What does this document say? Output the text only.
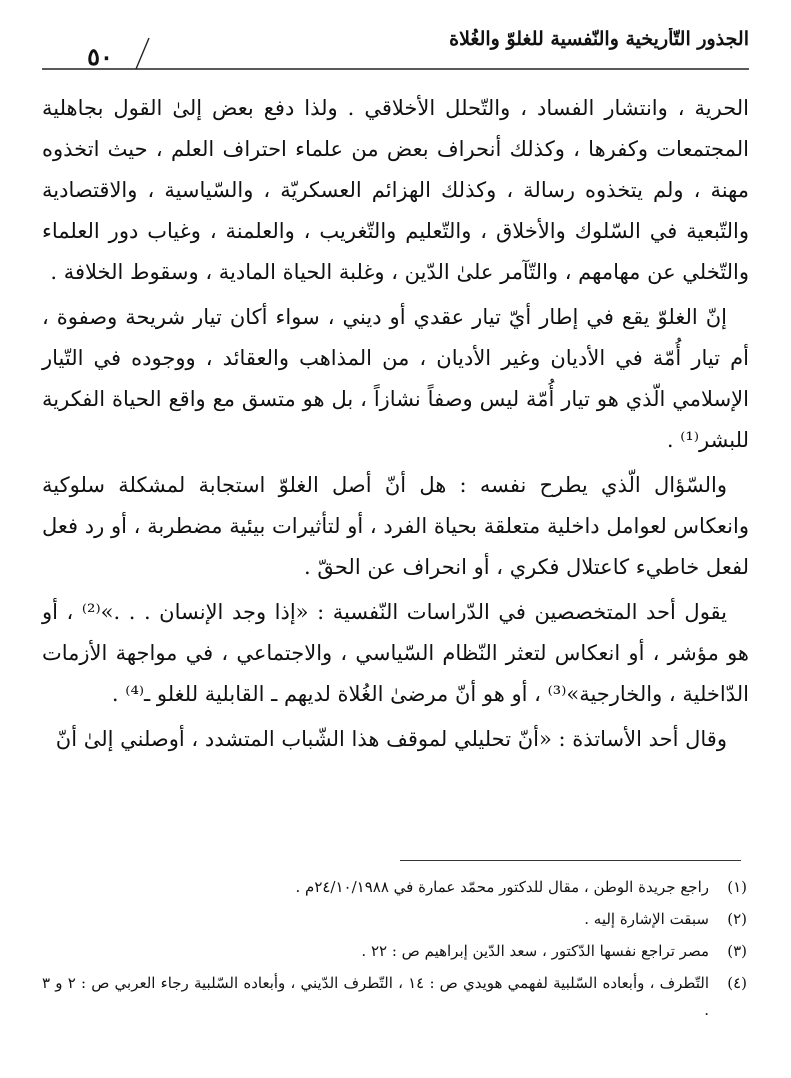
الجذور التّأريخية والنّفسية للغلوّ والغُلاة
٥٠

الحرية ، وانتشار الفساد ، والتّحلل الأخلاقي . ولذا دفع بعض إلىٰ القول بجاهلية المجتمعات وكفرها ، وكذلك أنحراف بعض من علماء احتراف العلم ، حيث اتخذوه مهنة ، ولم يتخذوه رسالة ، وكذلك الهزائم العسكريّة ، والسّياسية ، والاقتصادية والتّبعية في السّلوك والأخلاق ، والتّعليم والتّغريب ، والعلمنة ، وغياب دور العلماء والتّخلي عن مهامهم ، والتّآمر علىٰ الدّين ، وغلبة الحياة المادية ، وسقوط الخلافة .

إنّ الغلوّ يقع في إطار أيّ تيار عقدي أو ديني ، سواء أكان تيار شريحة وصفوة ، أم تيار أُمّة في الأديان وغير الأديان ، من المذاهب والعقائد ، ووجوده في التّيار الإسلامي الّذي هو تيار أُمّة ليس وصفاً نشازاً ، بل هو متسق مع واقع الحياة الفكرية للبشر⁽¹⁾ .

والسّؤال الّذي يطرح نفسه : هل أنّ أصل الغلوّ استجابة لمشكلة سلوكية وانعكاس لعوامل داخلية متعلقة بحياة الفرد ، أو لتأثيرات بيئية مضطربة ، أو رد فعل لفعل خاطيء كاعتلال فكري ، أو انحراف عن الحقّ .

يقول أحد المتخصصين في الدّراسات النّفسية : «إذا وجد الإنسان . . .»⁽²⁾ ، أو هو مؤشر ، أو انعكاس لتعثر النّظام السّياسي ، والاجتماعي ، في مواجهة الأزمات الدّاخلية ، والخارجية»⁽³⁾ ، أو هو أنّ مرضىٰ الغُلاة لديهم ـ القابلية للغلو ـ⁽⁴⁾ .

وقال أحد الأساتذة : «أنّ تحليلي لموقف هذا الشّباب المتشدد ، أوصلني إلىٰ أنّ

(١)
راجع جريدة الوطن ، مقال للدكتور محمّد عمارة في ٢٤/١٠/١٩٨٨م .
(٢)
سبقت الإشارة إليه .
(٣)
مصر تراجع نفسها الدّكتور ، سعد الدّين إبراهيم ص : ٢٢ .
(٤)
التّطرف ، وأبعاده السّلبية لفهمي هويدي ص : ١٤ ، التّطرف الدّيني ، وأبعاده السّلبية رجاء العربي ص : ٢ و ٣ .
